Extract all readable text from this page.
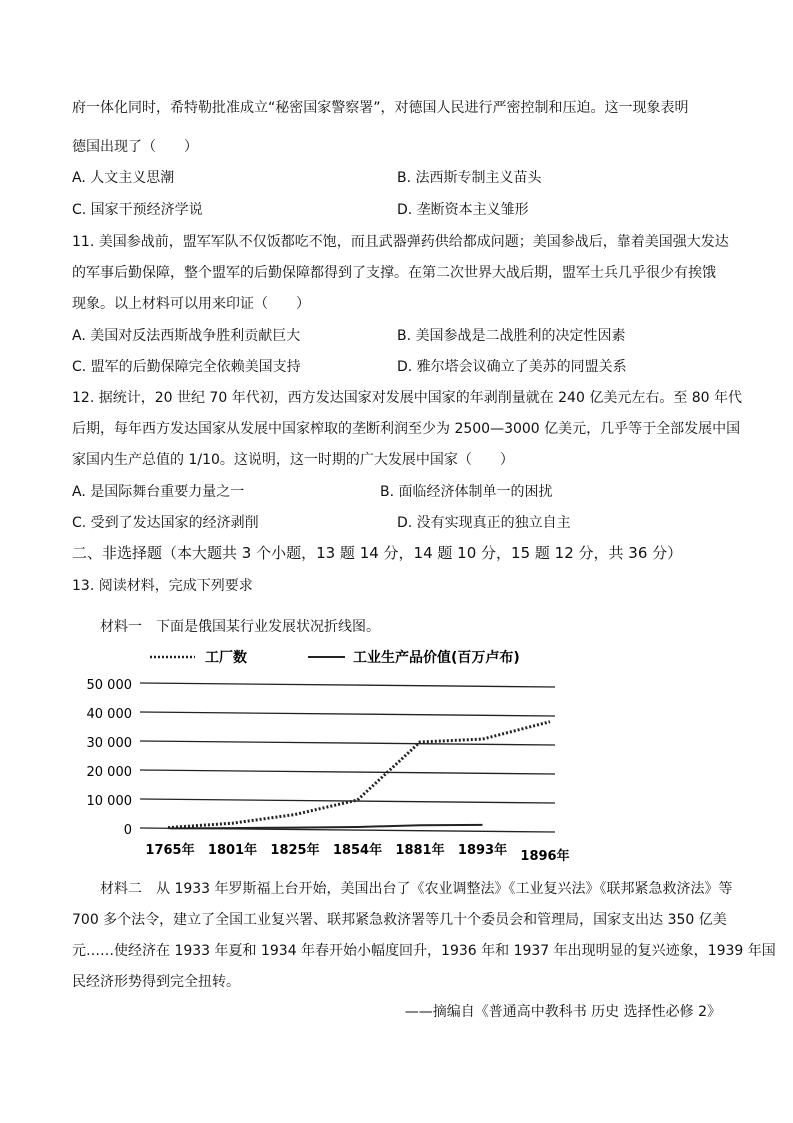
府一体化同时，希特勒批准成立“秘密国家警察署”，对德国人民进行严密控制和压迫。这一现象表明
德国出现了（　　）
A. 人文主义思潮	B. 法西斯专制主义苗头
C. 国家干预经济学说	D. 垄断资本主义雏形
11. 美国参战前，盟军军队不仅饭都吃不饱，而且武器弹药供给都成问题；美国参战后，靠着美国强大发达
的军事后勤保障，整个盟军的后勤保障都得到了支撑。在第二次世界大战后期，盟军士兵几乎很少有挨饿
现象。以上材料可以用来印证（　　）
A. 美国对反法西斯战争胜利贡献巨大	B. 美国参战是二战胜利的决定性因素
C. 盟军的后勤保障完全依赖美国支持	D. 雅尔塔会议确立了美苏的同盟关系
12. 据统计，20 世纪 70 年代初，西方发达国家对发展中国家的年剥削量就在 240 亿美元左右。至 80 年代
后期，每年西方发达国家从发展中国家榨取的垄断利润至少为 2500—3000 亿美元，几乎等于全部发展中国
家国内生产总值的 1/10。这说明，这一时期的广大发展中国家（　　）
A. 是国际舞台重要力量之一	B. 面临经济体制单一的困扰
C. 受到了发达国家的经济剥削	D. 没有实现真正的独立自主
二、非选择题（本大题共 3 个小题，13 题 14 分，14 题 10 分，15 题 12 分，共 36 分）
13. 阅读材料，完成下列要求
材料一　下面是俄国某行业发展状况折线图。
工厂数	工业生产品价值(百万卢布)
50 000
40 000
30 000
20 000
10 000
0
1765年 1801年 1825年 1854年 1881年 1893年 1896年
材料二　从 1933 年罗斯福上台开始，美国出台了《农业调整法》《工业复兴法》《联邦紧急救济法》等
700 多个法令，建立了全国工业复兴署、联邦紧急救济署等几十个委员会和管理局，国家支出达 350 亿美
元……使经济在 1933 年夏和 1934 年春开始小幅度回升，1936 年和 1937 年出现明显的复兴迹象，1939 年国
民经济形势得到完全扭转。
——摘编自《普通高中教科书 历史 选择性必修 2》
